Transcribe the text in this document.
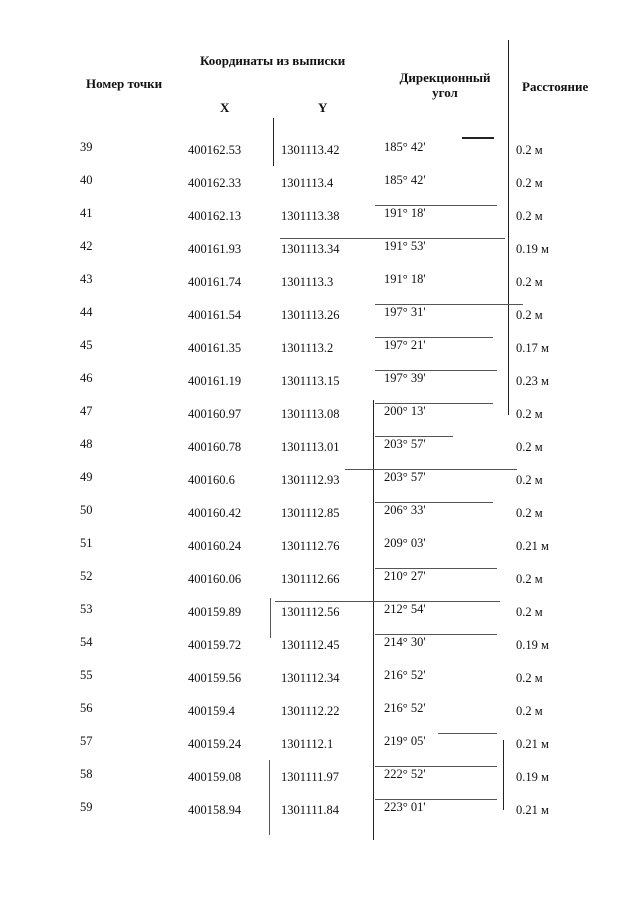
Номер точки
Координаты из выписки
X	Y
Дирекционный
угол	Расстояние
39	400162.53	1301113.42	185° 42'	0.2 м
40	400162.33	1301113.4	185° 42'	0.2 м
41	400162.13	1301113.38	191° 18'	0.2 м
42	400161.93	1301113.34	191° 53'	0.19 м
43	400161.74	1301113.3	191° 18'	0.2 м
44	400161.54	1301113.26	197° 31'	0.2 м
45	400161.35	1301113.2	197° 21'	0.17 м
46	400161.19	1301113.15	197° 39'	0.23 м
47	400160.97	1301113.08	200° 13'	0.2 м
48	400160.78	1301113.01	203° 57'	0.2 м
49	400160.6	1301112.93	203° 57'	0.2 м
50	400160.42	1301112.85	206° 33'	0.2 м
51	400160.24	1301112.76	209° 03'	0.21 м
52	400160.06	1301112.66	210° 27'	0.2 м
53	400159.89	1301112.56	212° 54'	0.2 м
54	400159.72	1301112.45	214° 30'	0.19 м
55	400159.56	1301112.34	216° 52'	0.2 м
56	400159.4	1301112.22	216° 52'	0.2 м
57	400159.24	1301112.1	219° 05'	0.21 м
58	400159.08	1301111.97	222° 52'	0.19 м
59	400158.94	1301111.84	223° 01'	0.21 м
